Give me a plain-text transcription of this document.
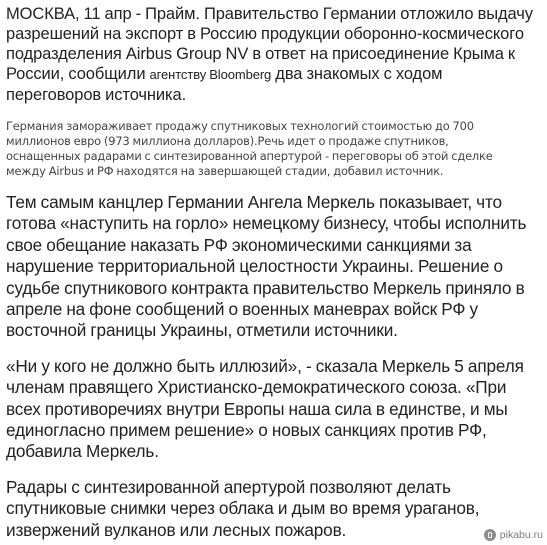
МОСКВА, 11 апр - Прайм. Правительство Германии отложило выдачу разрешений на экспорт в Россию продукции оборонно-космического подразделения Airbus Group NV в ответ на присоединение Крыма к России, сообщили агентству Bloomberg два знакомых с ходом переговоров источника.

Германия замораживает продажу спутниковых технологий стоимостью до 700 миллионов евро (973 миллиона долларов).Речь идет о продаже спутников, оснащенных радарами с синтезированной апертурой - переговоры об этой сделке между Airbus и РФ находятся на завершающей стадии, добавил источник.

Тем самым канцлер Германии Ангела Меркель показывает, что готова «наступить на горло» немецкому бизнесу, чтобы исполнить свое обещание наказать РФ экономическими санкциями за нарушение территориальной целостности Украины. Решение о судьбе спутникового контракта правительство Меркель приняло в апреле на фоне сообщений о военных маневрах войск РФ у восточной границы Украины, отметили источники.

«Ни у кого не должно быть иллюзий», - сказала Меркель 5 апреля членам правящего Христианско-демократического союза. «При всех противоречиях внутри Европы наша сила в единстве, и мы единогласно примем решение» о новых санкциях против РФ, добавила Меркель.

Радары с синтезированной апертурой позволяют делать спутниковые снимки через облака и дым во время ураганов, извержений вулканов или лесных пожаров.	pikabu.ru
